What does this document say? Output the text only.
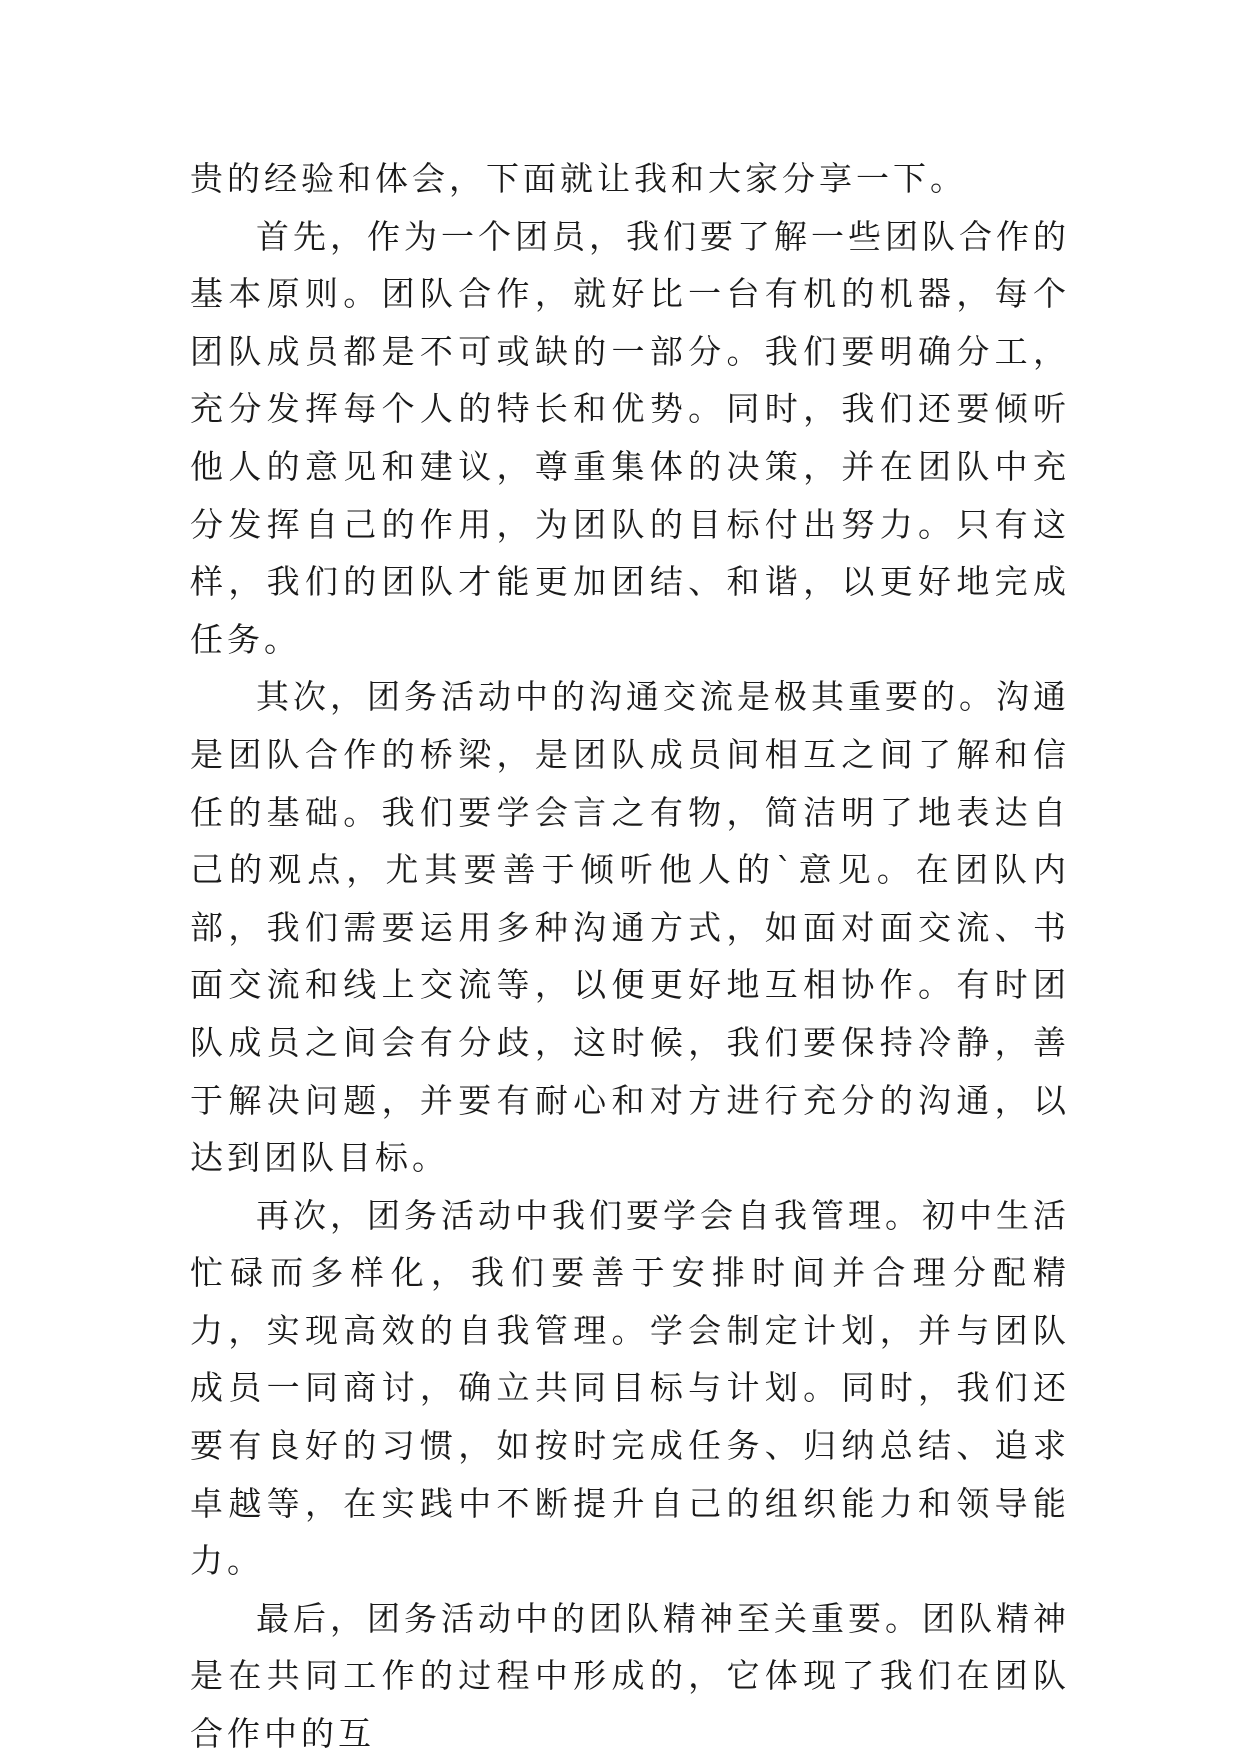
贵的经验和体会，下面就让我和大家分享一下。

首先，作为一个团员，我们要了解一些团队合作的基本原则。团队合作，就好比一台有机的机器，每个团队成员都是不可或缺的一部分。我们要明确分工，充分发挥每个人的特长和优势。同时，我们还要倾听他人的意见和建议，尊重集体的决策，并在团队中充分发挥自己的作用，为团队的目标付出努力。只有这样，我们的团队才能更加团结、和谐，以更好地完成任务。

其次，团务活动中的沟通交流是极其重要的。沟通是团队合作的桥梁，是团队成员间相互之间了解和信任的基础。我们要学会言之有物，简洁明了地表达自己的观点，尤其要善于倾听他人的`意见。在团队内部，我们需要运用多种沟通方式，如面对面交流、书面交流和线上交流等，以便更好地互相协作。有时团队成员之间会有分歧，这时候，我们要保持冷静，善于解决问题，并要有耐心和对方进行充分的沟通，以达到团队目标。

再次，团务活动中我们要学会自我管理。初中生活忙碌而多样化，我们要善于安排时间并合理分配精力，实现高效的自我管理。学会制定计划，并与团队成员一同商讨，确立共同目标与计划。同时，我们还要有良好的习惯，如按时完成任务、归纳总结、追求卓越等，在实践中不断提升自己的组织能力和领导能力。

最后，团务活动中的团队精神至关重要。团队精神是在共同工作的过程中形成的，它体现了我们在团队合作中的互
